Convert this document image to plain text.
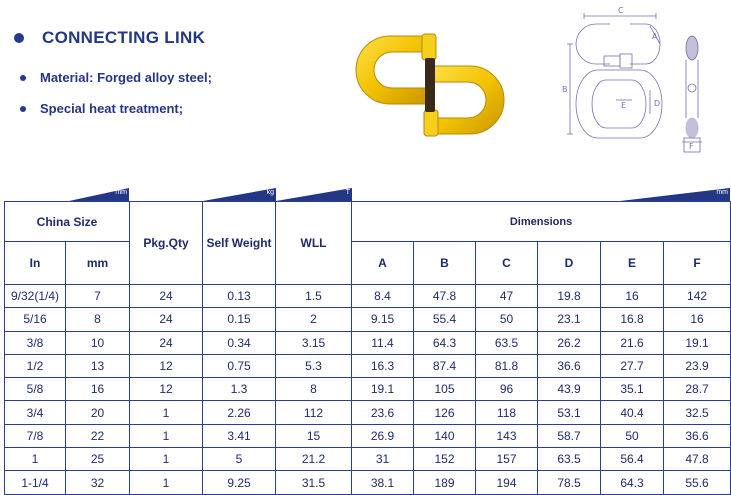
CONNECTING LINK
Material: Forged alloy steel;
Special heat treatment;
C
B
A
E	D
F
mm	kg	T	mm
China Size		Pkg.Qty	Self Weight	WLL	Dimensions					
In	mm				A	B	C	D	E	F
9/32(1/4)	7	24	0.13	1.5	8.4	47.8	47	19.8	16	142
5/16	8	24	0.15	2	9.15	55.4	50	23.1	16.8	16
3/8	10	24	0.34	3.15	11.4	64.3	63.5	26.2	21.6	19.1
1/2	13	12	0.75	5.3	16.3	87.4	81.8	36.6	27.7	23.9
5/8	16	12	1.3	8	19.1	105	96	43.9	35.1	28.7
3/4	20	1	2.26	112	23.6	126	118	53.1	40.4	32.5
7/8	22	1	3.41	15	26.9	140	143	58.7	50	36.6
1	25	1	5	21.2	31	152	157	63.5	56.4	47.8
1-1/4	32	1	9.25	31.5	38.1	189	194	78.5	64.3	55.6
